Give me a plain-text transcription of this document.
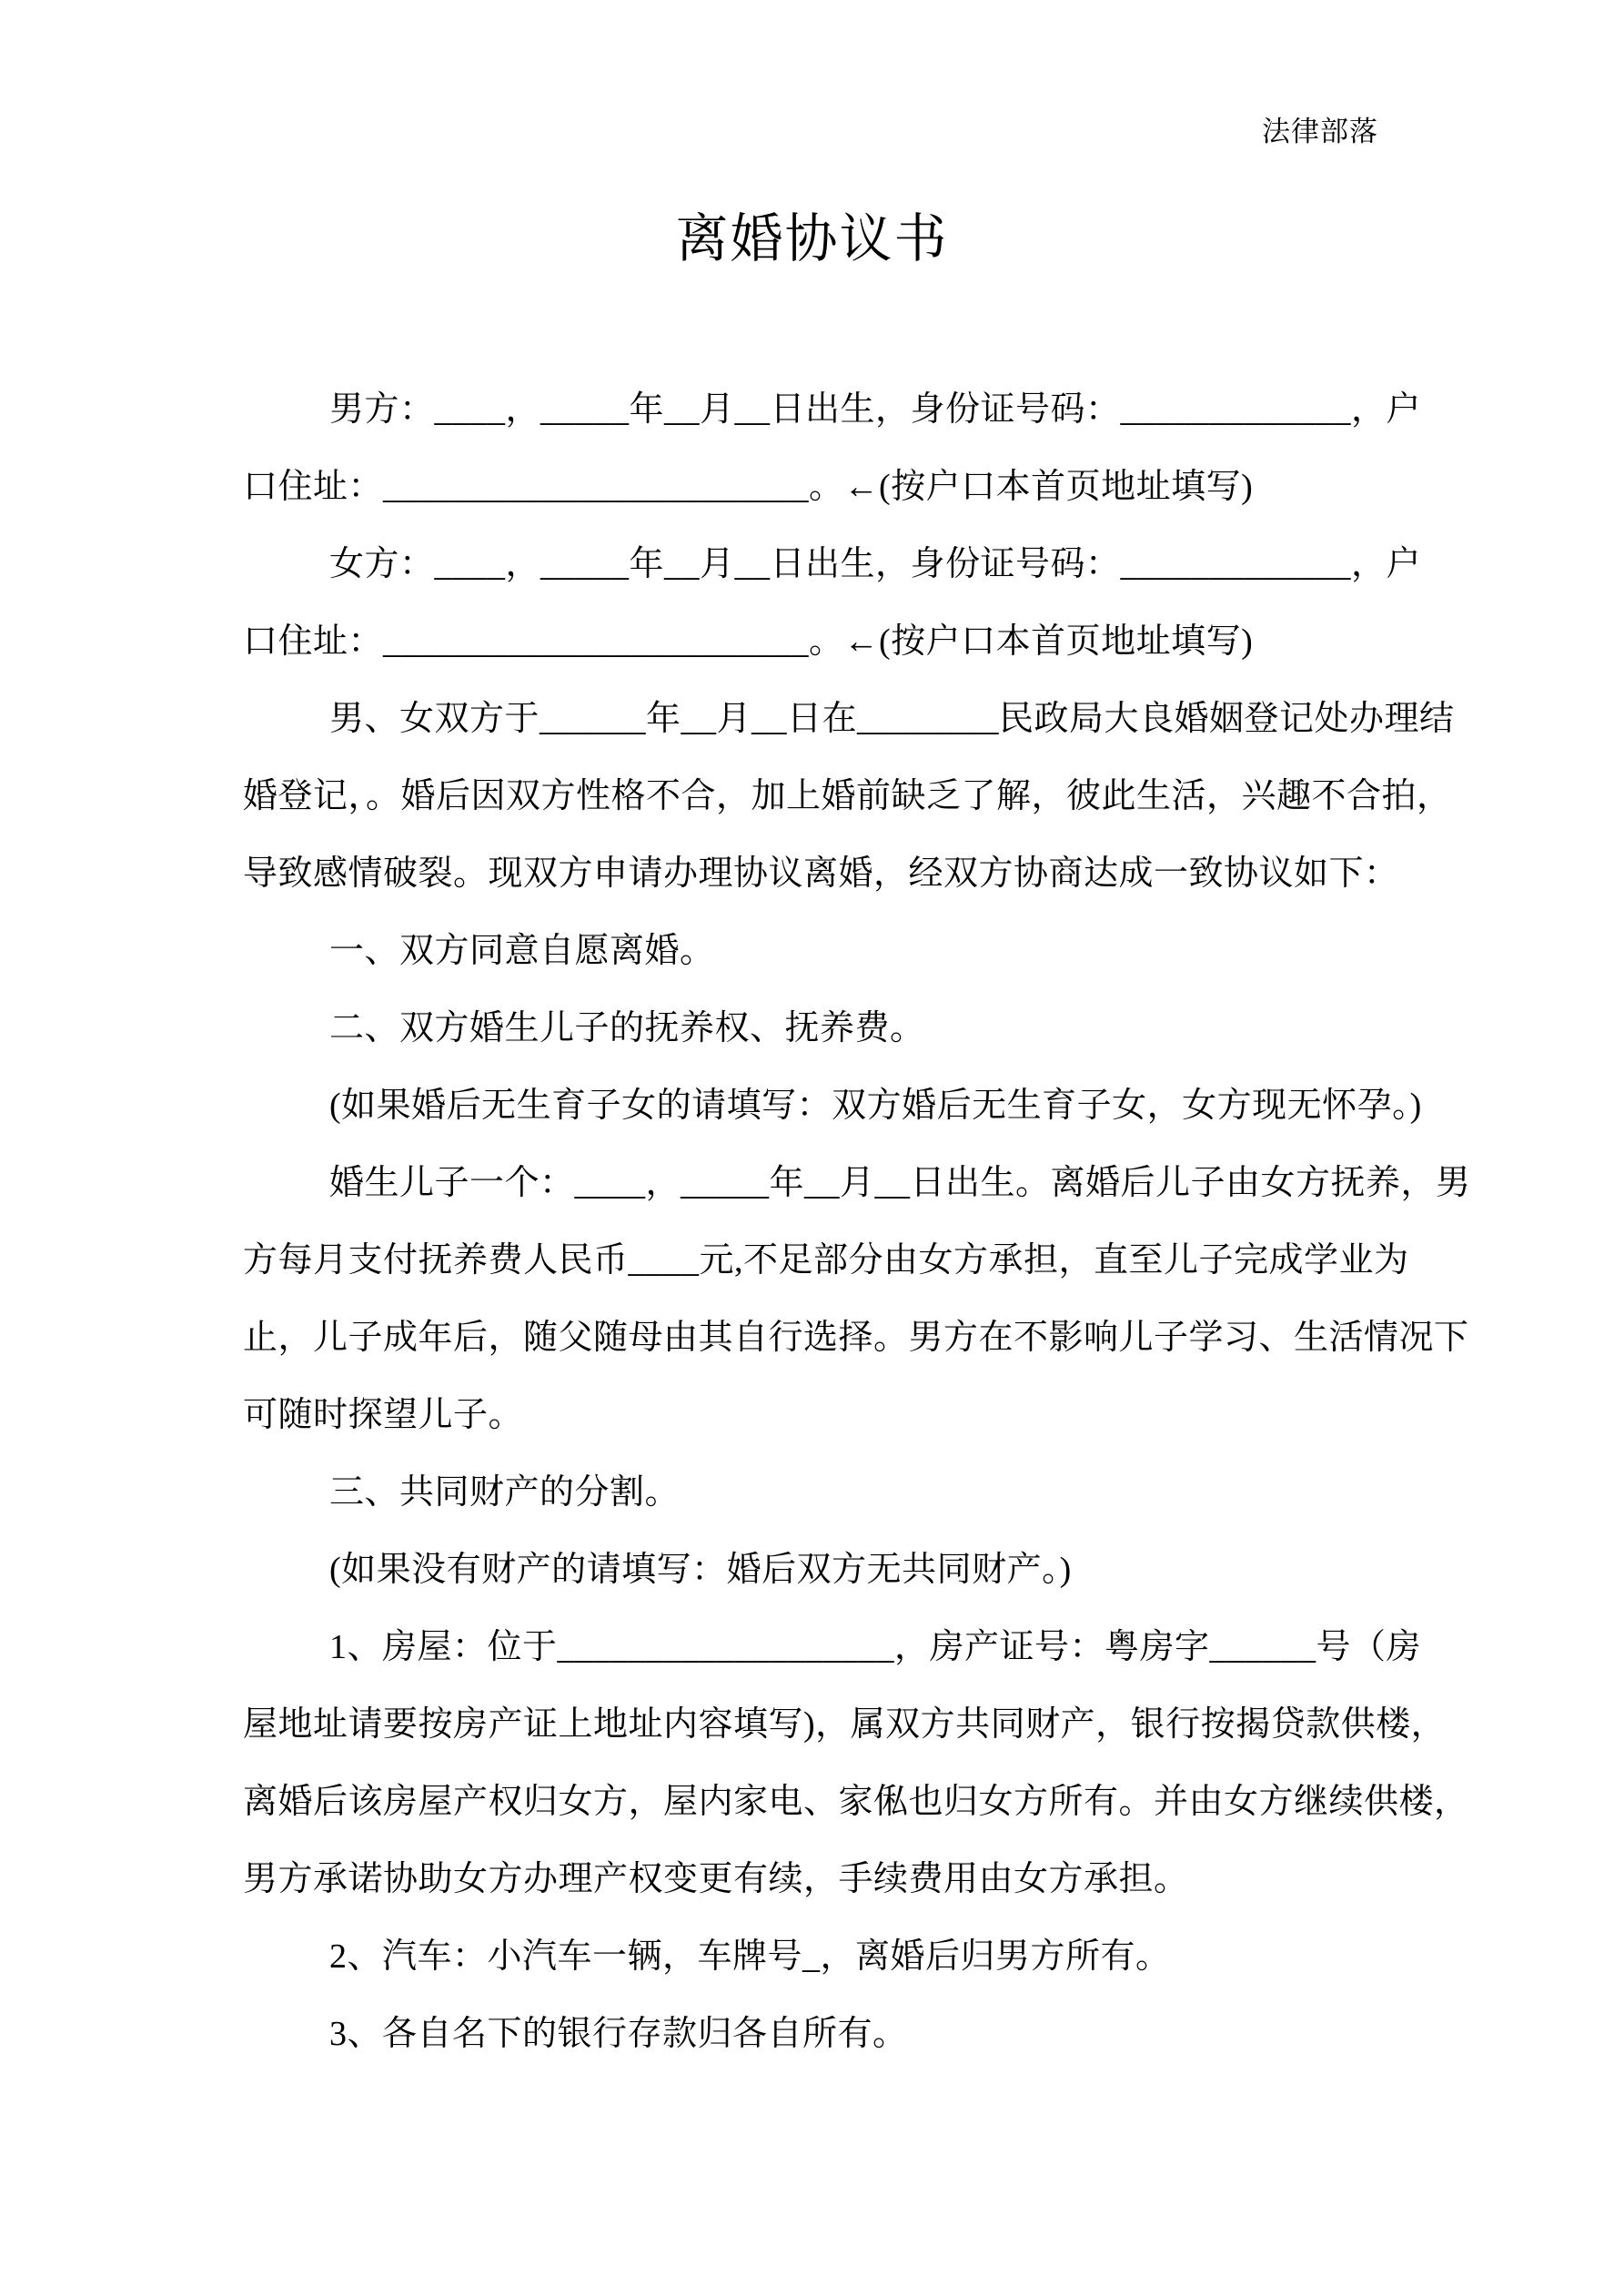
法律部落
离婚协议书
男方：____，_____年__月__日出生，身份证号码：_____________，户
口住址：________________________。←(按户口本首页地址填写)
女方：____，_____年__月__日出生，身份证号码：_____________，户
口住址：________________________。←(按户口本首页地址填写)
男、女双方于______年__月__日在________民政局大良婚姻登记处办理结
婚登记，。婚后因双方性格不合，加上婚前缺乏了解，彼此生活，兴趣不合拍，
导致感情破裂。现双方申请办理协议离婚，经双方协商达成一致协议如下：
一、双方同意自愿离婚。
二、双方婚生儿子的抚养权、抚养费。
(如果婚后无生育子女的请填写：双方婚后无生育子女，女方现无怀孕。)
婚生儿子一个：____，_____年__月__日出生。离婚后儿子由女方抚养，男
方每月支付抚养费人民币____元,不足部分由女方承担，直至儿子完成学业为
止，儿子成年后，随父随母由其自行选择。男方在不影响儿子学习、生活情况下
可随时探望儿子。
三、共同财产的分割。
(如果没有财产的请填写：婚后双方无共同财产。)
1、房屋：位于___________________，房产证号：粤房字______号（房
屋地址请要按房产证上地址内容填写)，属双方共同财产，银行按揭贷款供楼，
离婚后该房屋产权归女方，屋内家电、家俬也归女方所有。并由女方继续供楼，
男方承诺协助女方办理产权变更有续，手续费用由女方承担。
2、汽车：小汽车一辆，车牌号_，离婚后归男方所有。
3、各自名下的银行存款归各自所有。
